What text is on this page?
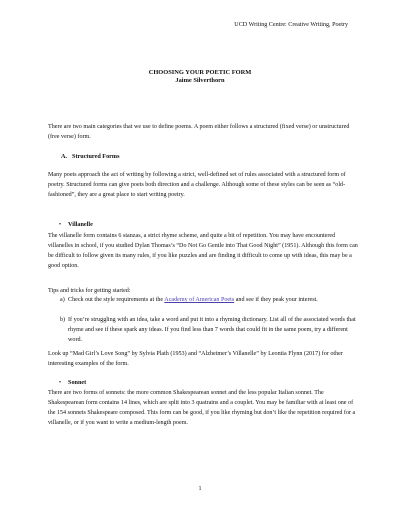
UCD Writing Centre: Creative Writing, Poetry
CHOOSING YOUR POETIC FORM
Jaime Silverthorn

There are two main categories that we use to define poems. A poem either follows a structured (fixed verse) or unstructured (free verse) form.

A. Structured Forms

Many poets approach the act of writing by following a strict, well-defined set of rules associated with a structured form of poetry. Structured forms can give poets both direction and a challenge. Although some of these styles can be seen as “old-fashioned”, they are a great place to start writing poetry.

• Villanelle

The villanelle form contains 6 stanzas, a strict rhyme scheme, and quite a bit of repetition. You may have encountered villanelles in school, if you studied Dylan Thomas’s “Do Not Go Gentle into That Good Night” (1951). Although this form can be difficult to follow given its many rules, if you like puzzles and are finding it difficult to come up with ideas, this may be a good option.

Tips and tricks for getting started:

a) Check out the style requirements at the Academy of American Poets and see if they peak your interest.

b) If you’re struggling with an idea, take a word and put it into a rhyming dictionary. List all of the associated words that rhyme and see if these spark any ideas. If you find less than 7 words that could fit in the same poem, try a different word.

Look up “Mad Girl’s Love Song” by Sylvia Plath (1953) and “Alzheimer’s Villanelle” by Leontia Flynn (2017) for other interesting examples of the form.

• Sonnet

There are two forms of sonnets: the more common Shakespearean sonnet and the less popular Italian sonnet. The Shakespearean form contains 14 lines, which are split into 3 quatrains and a couplet. You may be familiar with at least one of the 154 sonnets Shakespeare composed. This form can be good, if you like rhyming but don’t like the repetition required for a villanelle, or if you want to write a medium-length poem.

1
